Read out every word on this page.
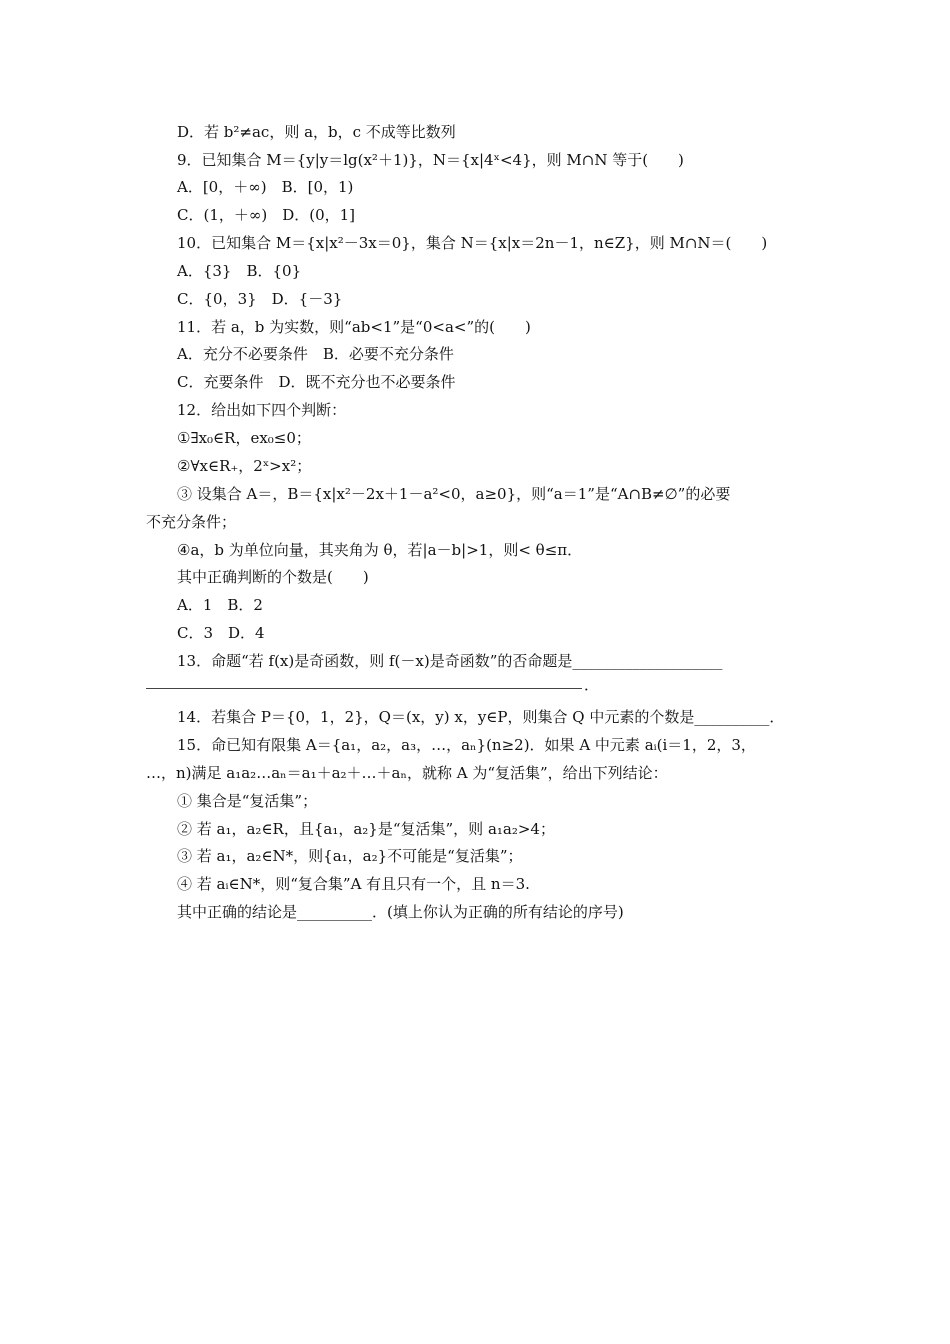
D．若 b²≠ac，则 a，b，c 不成等比数列
9．已知集合 M＝{y|y＝lg(x²＋1)}，N＝{x|4ˣ<4}，则 M∩N 等于(　　)
A．[0，＋∞)　B．[0，1)
C．(1，＋∞)　D．(0，1]
10．已知集合 M＝{x|x²－3x＝0}，集合 N＝{x|x＝2n－1，n∈Z}，则 M∩N＝(　　)
A．{3}　B．{0}
C．{0，3}　D．{－3}
11．若 a，b 为实数，则“ab<1”是“0<a<”的(　　)
A．充分不必要条件　B．必要不充分条件
C．充要条件　D．既不充分也不必要条件
12．给出如下四个判断：
①∃x₀∈R，ex₀≤0；
②∀x∈R₊，2ˣ>x²；
③ 设集合 A＝，B＝{x|x²－2x＋1－a²<0，a≥0}，则“a＝1”是“A∩B≠∅”的必要
不充分条件；
④a，b 为单位向量，其夹角为 θ，若|a－b|>1，则< θ≤π．
其中正确判断的个数是(　　)
A．1　B．2
C．3　D．4
13．命题“若 f(x)是奇函数，则 f(－x)是奇函数”的否命题是____________________
．
14．若集合 P＝{0，1，2}，Q＝(x，y) x，y∈P，则集合 Q 中元素的个数是__________．
15．命已知有限集 A＝{a₁，a₂，a₃，…，aₙ}(n≥2)．如果 A 中元素 aᵢ(i＝1，2，3，
…，n)满足 a₁a₂…aₙ＝a₁＋a₂＋…＋aₙ，就称 A 为“复活集”，给出下列结论：
① 集合是“复活集”；
② 若 a₁，a₂∈R，且{a₁，a₂}是“复活集”，则 a₁a₂>4；
③ 若 a₁，a₂∈N*，则{a₁，a₂}不可能是“复活集”；
④ 若 aᵢ∈N*，则“复合集”A 有且只有一个，且 n＝3.
其中正确的结论是__________．(填上你认为正确的所有结论的序号)
